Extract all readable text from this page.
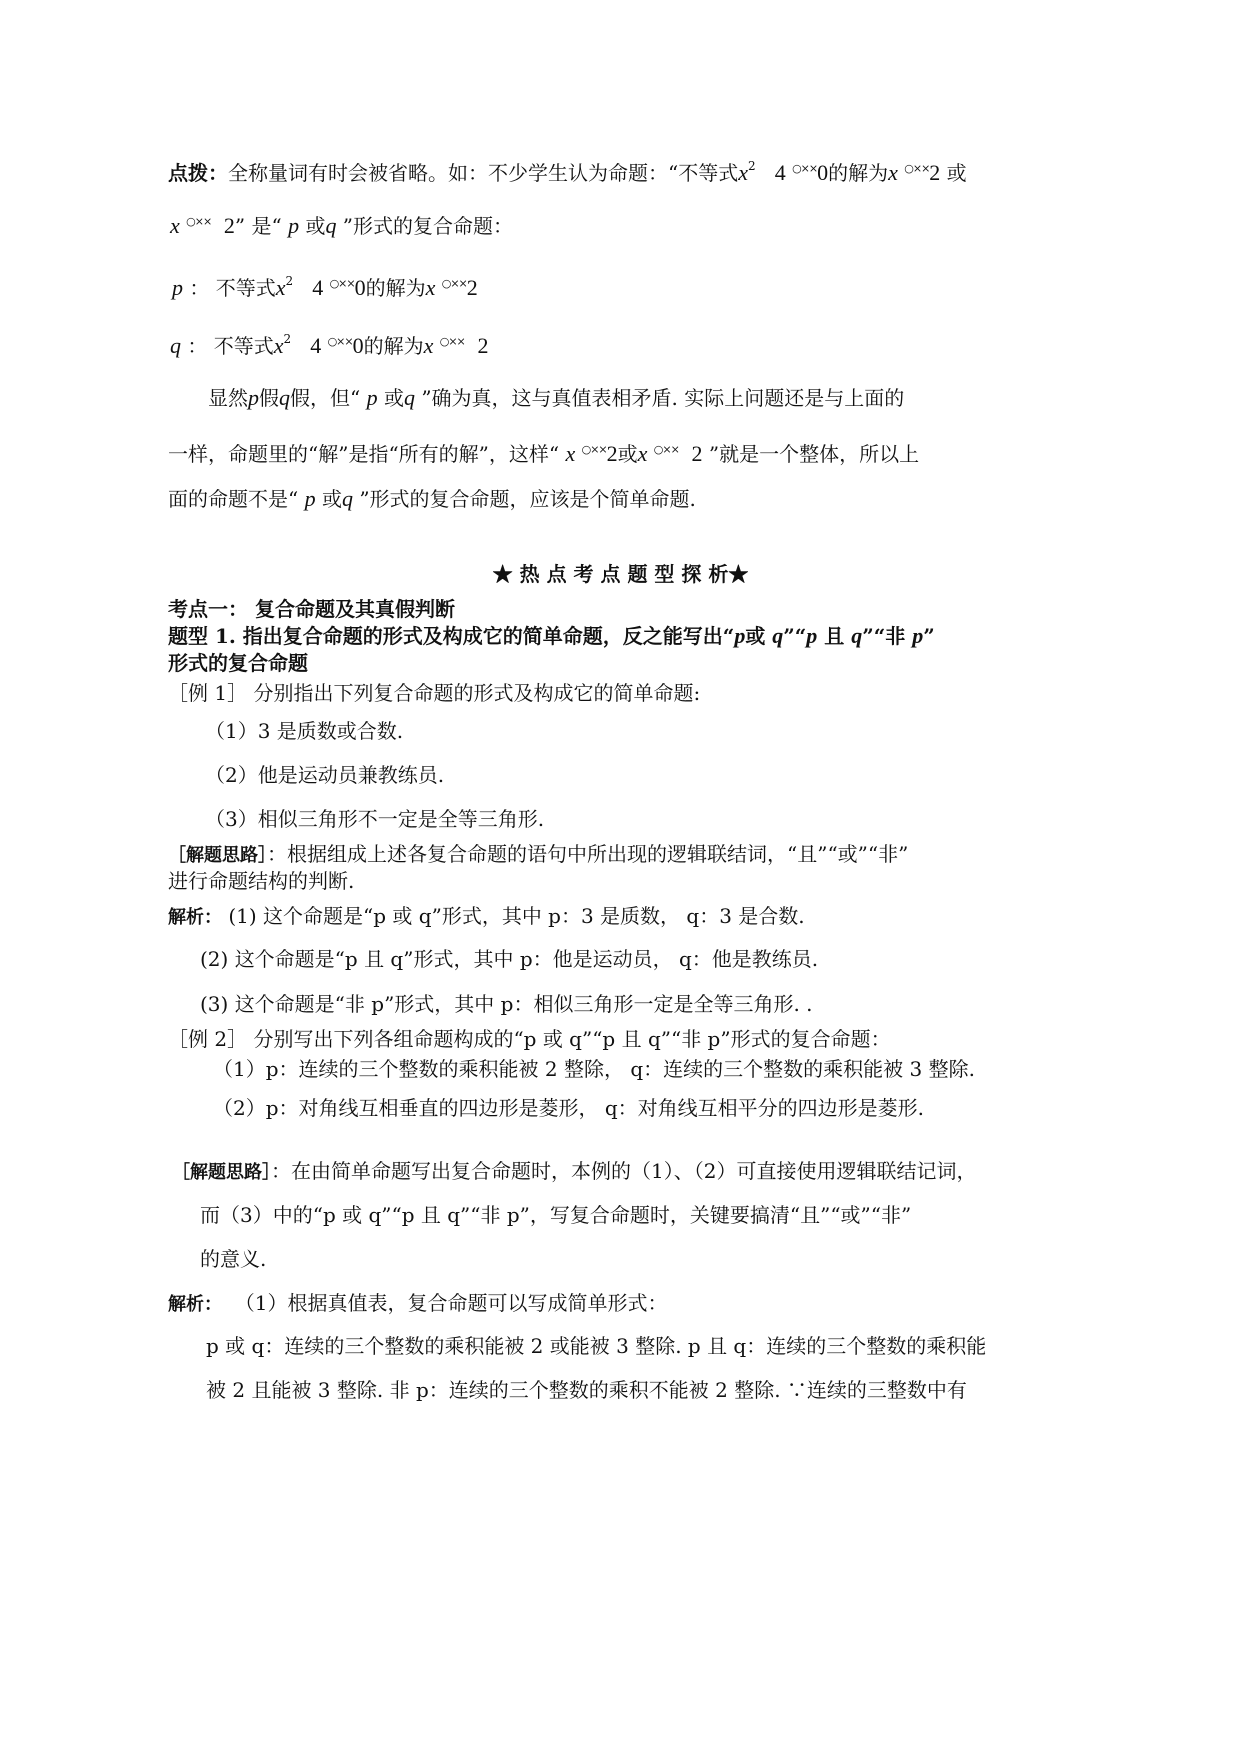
点拨：全称量词有时会被省略。如：不少学生认为命题：“不等式$x^2$ 4 ○××0的解为x ○××2 或
x ○×× 2” 是“ p 或q ”形式的复合命题：
p ： 不等式$x^2$ 4 ○××0的解为x ○××2
q ： 不等式$x^2$ 4 ○××0的解为x ○×× 2
显然p假q假，但“ p 或q ”确为真，这与真值表相矛盾. 实际上问题还是与上面的
一样，命题里的“解”是指“所有的解”，这样“ x ○××2或x ○×× 2 ”就是一个整体，所以上
面的命题不是“ p 或q ”形式的复合命题，应该是个简单命题.
★ 热 点 考 点 题 型 探 析★
考点一： 复合命题及其真假判断
题型 1. 指出复合命题的形式及构成它的简单命题，反之能写出“p或 q”“p 且 q”“非 p”
形式的复合命题
［例 1］ 分别指出下列复合命题的形式及构成它的简单命题:
（1）3 是质数或合数.
（2）他是运动员兼教练员.
（3）相似三角形不一定是全等三角形.
［解题思路］：根据组成上述各复合命题的语句中所出现的逻辑联结词，“且”“或”“非”
进行命题结构的判断.
解析： (1) 这个命题是“p 或 q”形式，其中 p：3 是质数， q：3 是合数.
(2) 这个命题是“p 且 q”形式，其中 p：他是运动员， q：他是教练员.
(3) 这个命题是“非 p”形式，其中 p：相似三角形一定是全等三角形. .
［例 2］ 分别写出下列各组命题构成的“p 或 q”“p 且 q”“非 p”形式的复合命题：
（1）p：连续的三个整数的乘积能被 2 整除， q：连续的三个整数的乘积能被 3 整除.
（2）p：对角线互相垂直的四边形是菱形， q：对角线互相平分的四边形是菱形.
［解题思路］：在由简单命题写出复合命题时，本例的（1）、（2）可直接使用逻辑联结记词，
而（3）中的“p 或 q”“p 且 q”“非 p”，写复合命题时，关键要搞清“且”“或”“非”
的意义.
解析： （1）根据真值表，复合命题可以写成简单形式：
p 或 q：连续的三个整数的乘积能被 2 或能被 3 整除. p 且 q：连续的三个整数的乘积能
被 2 且能被 3 整除. 非 p：连续的三个整数的乘积不能被 2 整除. ∵连续的三整数中有
